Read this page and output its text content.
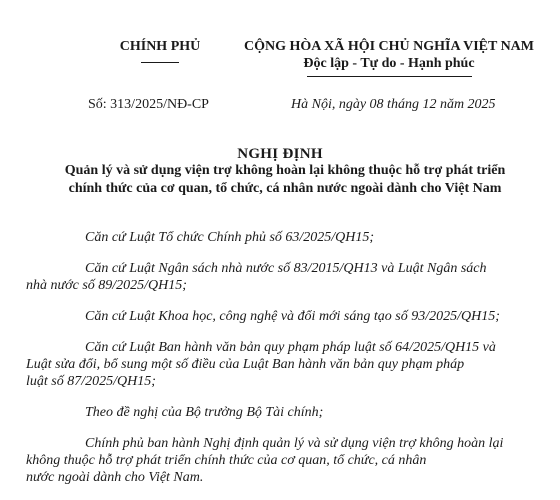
CHÍNH PHỦ	CỘNG HÒA XÃ HỘI CHỦ NGHĨA VIỆT NAM
Độc lập - Tự do - Hạnh phúc
Số: 313/2025/NĐ-CP	Hà Nội, ngày 08 tháng 12 năm 2025
NGHỊ ĐỊNH
Quản lý và sử dụng viện trợ không hoàn lại không thuộc hỗ trợ phát triển
chính thức của cơ quan, tổ chức, cá nhân nước ngoài dành cho Việt Nam
Căn cứ Luật Tổ chức Chính phủ số 63/2025/QH15;
Căn cứ Luật Ngân sách nhà nước số 83/2015/QH13 và Luật Ngân sách
nhà nước số 89/2025/QH15;
Căn cứ Luật Khoa học, công nghệ và đổi mới sáng tạo số 93/2025/QH15;
Căn cứ Luật Ban hành văn bản quy phạm pháp luật số 64/2025/QH15 và
Luật sửa đổi, bổ sung một số điều của Luật Ban hành văn bản quy phạm pháp
luật số 87/2025/QH15;
Theo đề nghị của Bộ trưởng Bộ Tài chính;
Chính phủ ban hành Nghị định quản lý và sử dụng viện trợ không hoàn lại
không thuộc hỗ trợ phát triển chính thức của cơ quan, tổ chức, cá nhân
nước ngoài dành cho Việt Nam.
